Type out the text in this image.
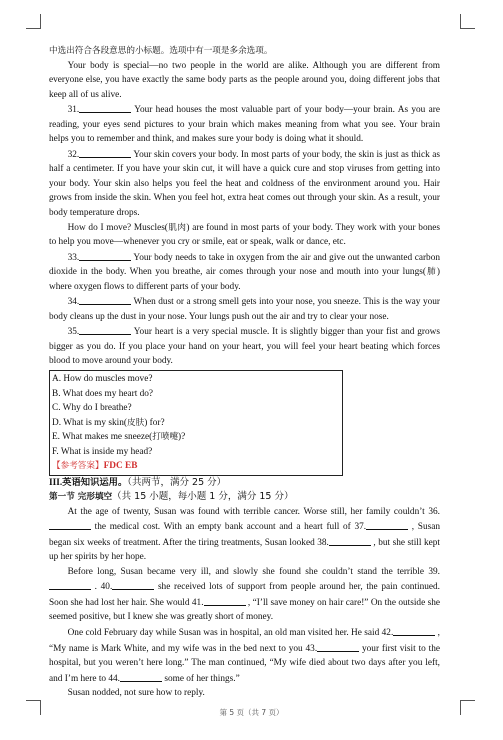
中选出符合各段意思的小标题。选项中有一项是多余选项。

Your body is special—no two people in the world are alike. Although you are different from everyone else, you have exactly the same body parts as the people around you, doing different jobs that keep all of us alive.

31.	Your head houses the most valuable part of your body—your brain. As you are reading, your eyes send pictures to your brain which makes meaning from what you see. Your brain helps you to remember and think, and makes sure your body is doing what it should.

32.	Your skin covers your body. In most parts of your body, the skin is just as thick as half a centimeter. If you have your skin cut, it will have a quick cure and stop viruses from getting into your body. Your skin also helps you feel the heat and coldness of the environment around you. Hair grows from inside the skin. When you feel hot, extra heat comes out through your skin. As a result, your body temperature drops.

How do I move? Muscles(肌肉) are found in most parts of your body. They work with your bones to help you move—whenever you cry or smile, eat or speak, walk or dance, etc.

33.	Your body needs to take in oxygen from the air and give out the unwanted carbon dioxide in the body. When you breathe, air comes through your nose and mouth into your lungs(肺) where oxygen flows to different parts of your body.

34.	When dust or a strong smell gets into your nose, you sneeze. This is the way your body cleans up the dust in your nose. Your lungs push out the air and try to clear your nose.

35.	Your heart is a very special muscle. It is slightly bigger than your fist and grows bigger as you do. If you place your hand on your heart, you will feel your heart beating which forces blood to move around your body.

A. How do muscles move?
B. What does my heart do?
C. Why do I breathe?
D. What is my skin(皮肤) for?
E. What makes me sneeze(打喷嚏)?
F. What is inside my head?
【参考答案】FDC EB

III.英语知识运用。（共两节，满分 25 分）

第一节 完形填空（共 15 小题，每小题 1 分，满分 15 分）

At the age of twenty, Susan was found with terrible cancer. Worse still, her family couldn’t 36. the medical cost. With an empty bank account and a heart full of 37.	, Susan began six weeks of treatment. After the tiring treatments, Susan looked 38.	, but she still kept up her spirits by her hope.

Before long, Susan became very ill, and slowly she found she couldn’t stand the terrible 39. . 40.	she received lots of support from people around her, the pain continued. Soon she had lost her hair. She would 41.	, “I’ll save money on hair care!” On the outside she seemed positive, but I knew she was greatly short of money.

One cold February day while Susan was in hospital, an old man visited her. He said 42.	, “My name is Mark White, and my wife was in the bed next to you 43.	your first visit to the hospital, but you weren’t here long.” The man continued, “My wife died about two days after you left, and I’m here to 44.	some of her things.”

Susan nodded, not sure how to reply.

第 5 页（共 7 页）
